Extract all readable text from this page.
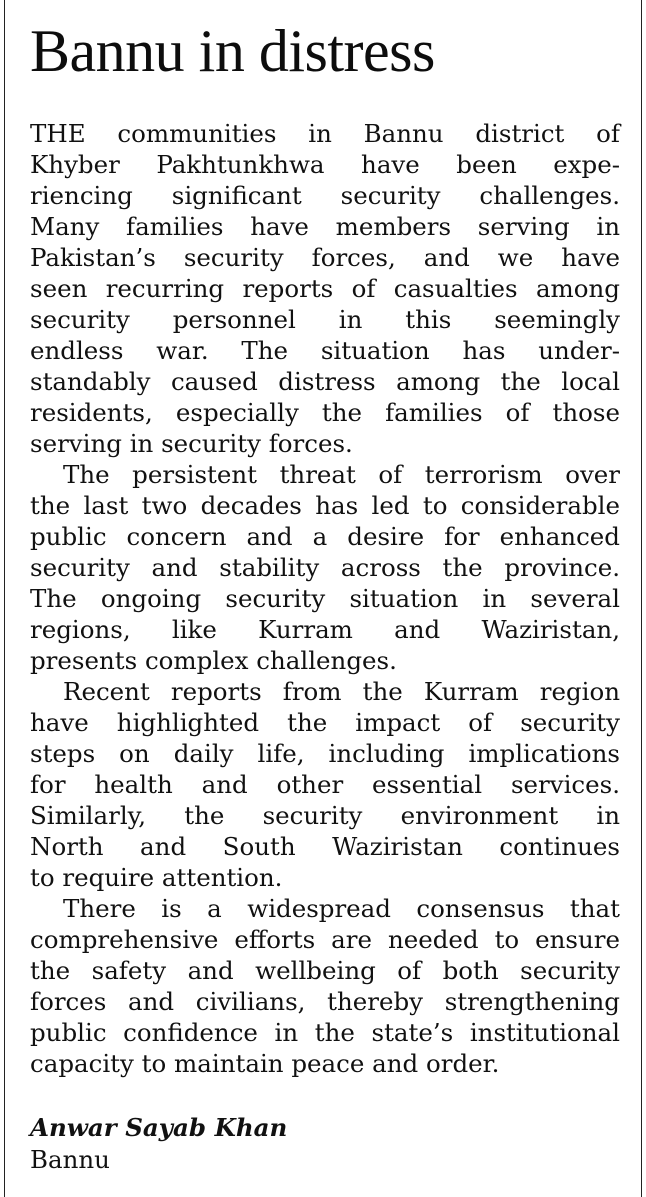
Bannu in distress
THE communities in Bannu district of
Khyber Pakhtunkhwa have been expe-
riencing significant security challenges.
Many families have members serving in
Pakistan’s security forces, and we have
seen recurring reports of casualties among
security personnel in this seemingly
endless war. The situation has under-
standably caused distress among the local
residents, especially the families of those
serving in security forces.
The persistent threat of terrorism over
the last two decades has led to considerable
public concern and a desire for enhanced
security and stability across the province.
The ongoing security situation in several
regions, like Kurram and Waziristan,
presents complex challenges.
Recent reports from the Kurram region
have highlighted the impact of security
steps on daily life, including implications
for health and other essential services.
Similarly, the security environment in
North and South Waziristan continues
to require attention.
There is a widespread consensus that
comprehensive efforts are needed to ensure
the safety and wellbeing of both security
forces and civilians, thereby strengthening
public confidence in the state’s institutional
capacity to maintain peace and order.
Anwar Sayab Khan
Bannu
